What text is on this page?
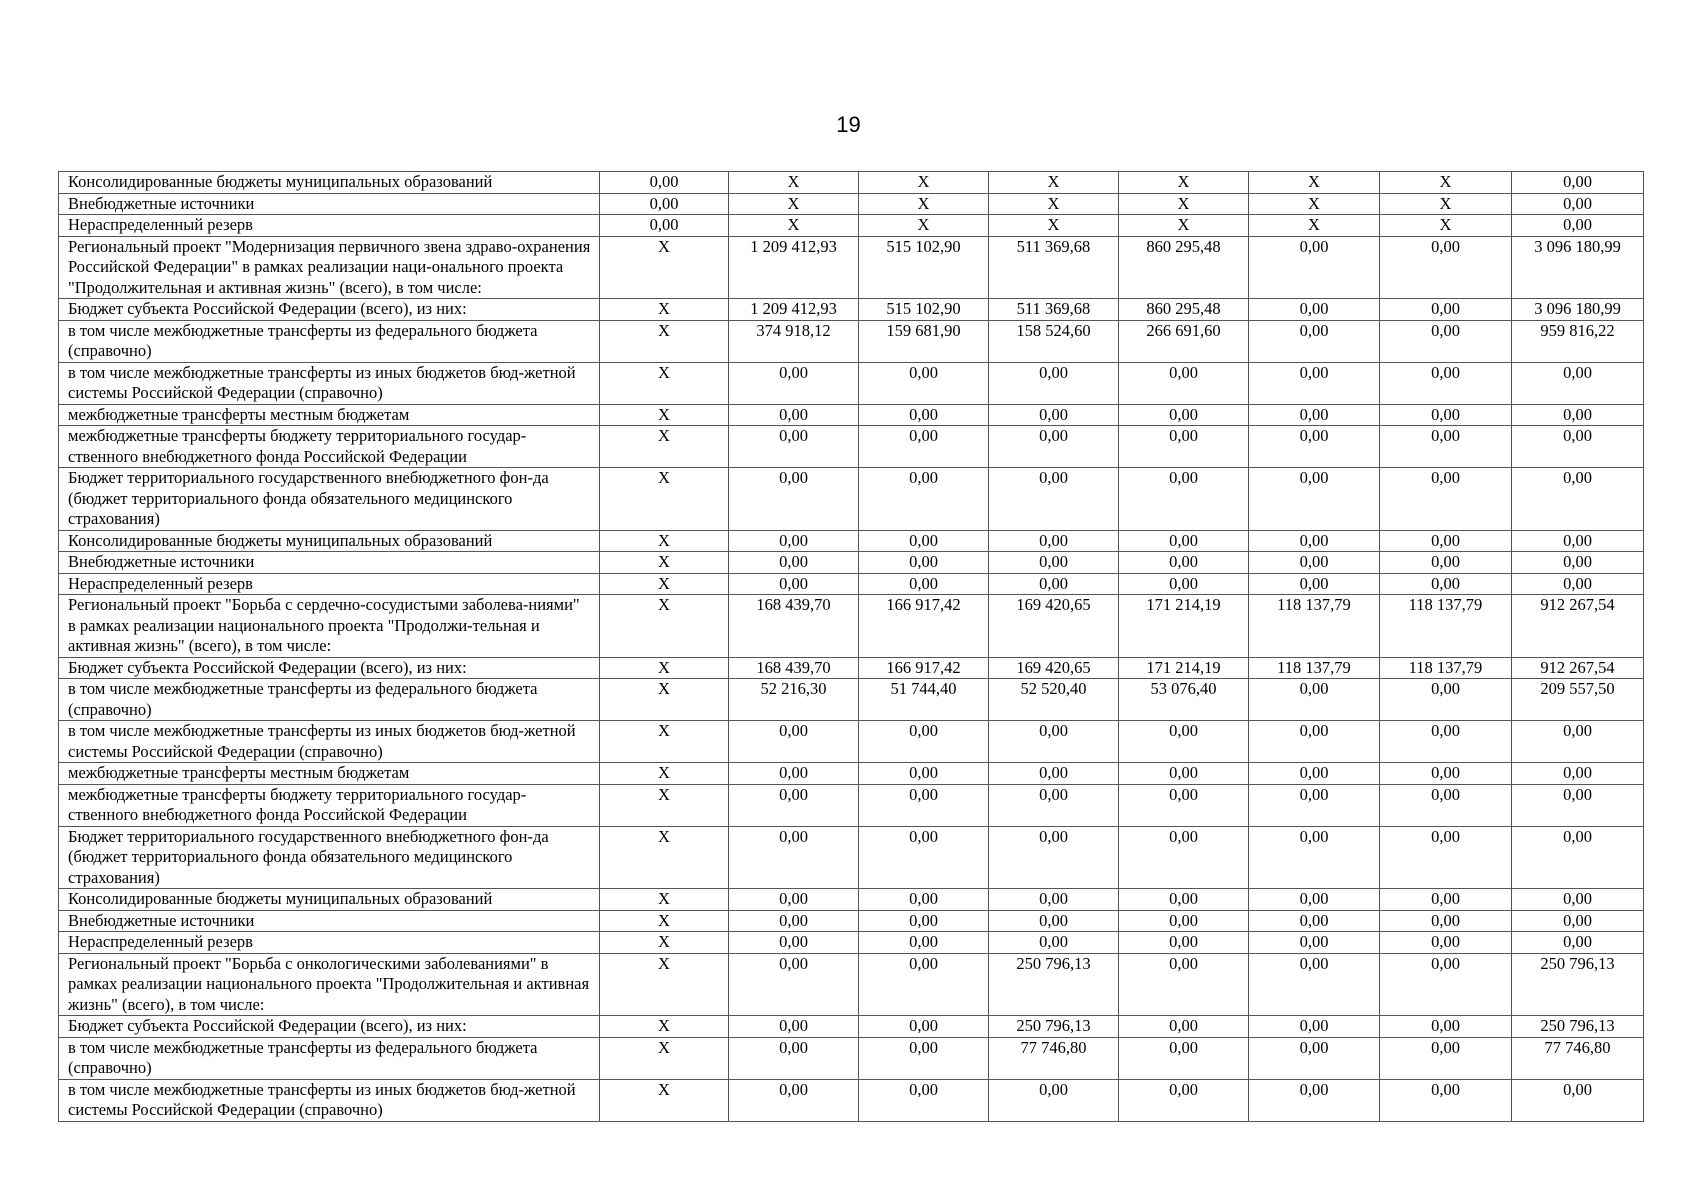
19
Консолидированные бюджеты муниципальных образований	0,00	X	X	X	X	X	X	0,00
Внебюджетные источники	0,00	X	X	X	X	X	X	0,00
Нераспределенный резерв	0,00	X	X	X	X	X	X	0,00
Региональный проект "Модернизация первичного звена здраво-охранения Российской Федерации" в рамках реализации наци-онального проекта "Продолжительная и активная жизнь" (всего), в том числе:	X	1 209 412,93	515 102,90	511 369,68	860 295,48	0,00	0,00	3 096 180,99
Бюджет субъекта Российской Федерации (всего), из них:	X	1 209 412,93	515 102,90	511 369,68	860 295,48	0,00	0,00	3 096 180,99
в том числе межбюджетные трансферты из федерального бюджета (справочно)	X	374 918,12	159 681,90	158 524,60	266 691,60	0,00	0,00	959 816,22
в том числе межбюджетные трансферты из иных бюджетов бюд-жетной системы Российской Федерации (справочно)	X	0,00	0,00	0,00	0,00	0,00	0,00	0,00
межбюджетные трансферты местным бюджетам	X	0,00	0,00	0,00	0,00	0,00	0,00	0,00
межбюджетные трансферты бюджету территориального государ-ственного внебюджетного фонда Российской Федерации	X	0,00	0,00	0,00	0,00	0,00	0,00	0,00
Бюджет территориального государственного внебюджетного фон-да (бюджет территориального фонда обязательного медицинского страхования)	X	0,00	0,00	0,00	0,00	0,00	0,00	0,00
Консолидированные бюджеты муниципальных образований	X	0,00	0,00	0,00	0,00	0,00	0,00	0,00
Внебюджетные источники	X	0,00	0,00	0,00	0,00	0,00	0,00	0,00
Нераспределенный резерв	X	0,00	0,00	0,00	0,00	0,00	0,00	0,00
Региональный проект "Борьба с сердечно-сосудистыми заболева-ниями" в рамках реализации национального проекта "Продолжи-тельная и активная жизнь" (всего), в том числе:	X	168 439,70	166 917,42	169 420,65	171 214,19	118 137,79	118 137,79	912 267,54
Бюджет субъекта Российской Федерации (всего), из них:	X	168 439,70	166 917,42	169 420,65	171 214,19	118 137,79	118 137,79	912 267,54
в том числе межбюджетные трансферты из федерального бюджета (справочно)	X	52 216,30	51 744,40	52 520,40	53 076,40	0,00	0,00	209 557,50
в том числе межбюджетные трансферты из иных бюджетов бюд-жетной системы Российской Федерации (справочно)	X	0,00	0,00	0,00	0,00	0,00	0,00	0,00
межбюджетные трансферты местным бюджетам	X	0,00	0,00	0,00	0,00	0,00	0,00	0,00
межбюджетные трансферты бюджету территориального государ-ственного внебюджетного фонда Российской Федерации	X	0,00	0,00	0,00	0,00	0,00	0,00	0,00
Бюджет территориального государственного внебюджетного фон-да (бюджет территориального фонда обязательного медицинского страхования)	X	0,00	0,00	0,00	0,00	0,00	0,00	0,00
Консолидированные бюджеты муниципальных образований	X	0,00	0,00	0,00	0,00	0,00	0,00	0,00
Внебюджетные источники	X	0,00	0,00	0,00	0,00	0,00	0,00	0,00
Нераспределенный резерв	X	0,00	0,00	0,00	0,00	0,00	0,00	0,00
Региональный проект "Борьба с онкологическими заболеваниями" в рамках реализации национального проекта "Продолжительная и активная жизнь" (всего), в том числе:	X	0,00	0,00	250 796,13	0,00	0,00	0,00	250 796,13
Бюджет субъекта Российской Федерации (всего), из них:	X	0,00	0,00	250 796,13	0,00	0,00	0,00	250 796,13
в том числе межбюджетные трансферты из федерального бюджета (справочно)	X	0,00	0,00	77 746,80	0,00	0,00	0,00	77 746,80
в том числе межбюджетные трансферты из иных бюджетов бюд-жетной системы Российской Федерации (справочно)	X	0,00	0,00	0,00	0,00	0,00	0,00	0,00
